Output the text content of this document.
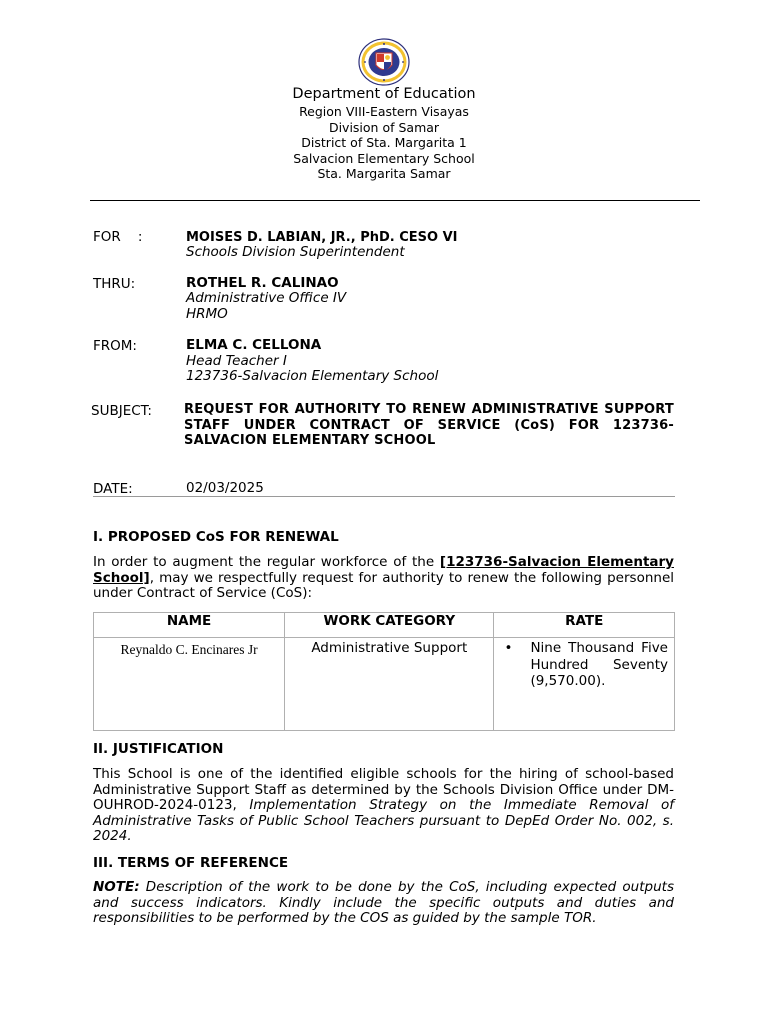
Department of Education
Region VIII-Eastern Visayas
Division of Samar
District of Sta. Margarita 1
Salvacion Elementary School
Sta. Margarita Samar
FOR    :	MOISES D. LABIAN, JR., PhD. CESO VI
Schools Division Superintendent
THRU:	ROTHEL R. CALINAO
Administrative Office IV
HRMO
FROM:	ELMA C. CELLONA
Head Teacher I
123736-Salvacion Elementary School
SUBJECT: REQUEST FOR AUTHORITY TO RENEW ADMINISTRATIVE SUPPORT STAFF UNDER CONTRACT OF SERVICE (CoS) FOR 123736- SALVACION ELEMENTARY SCHOOL
DATE:	02/03/2025
I. PROPOSED CoS FOR RENEWAL
In order to augment the regular workforce of the [123736-Salvacion Elementary School], may we respectfully request for authority to renew the following personnel under Contract of Service (CoS):
NAME	WORK CATEGORY	RATE
Reynaldo C. Encinares Jr	Administrative Support	• Nine Thousand Five Hundred Seventy (9,570.00).
II. JUSTIFICATION
This School is one of the identified eligible schools for the hiring of school-based Administrative Support Staff as determined by the Schools Division Office under DM-OUHROD-2024-0123, Implementation Strategy on the Immediate Removal of Administrative Tasks of Public School Teachers pursuant to DepEd Order No. 002, s. 2024.
III. TERMS OF REFERENCE
NOTE: Description of the work to be done by the CoS, including expected outputs and success indicators. Kindly include the specific outputs and duties and responsibilities to be performed by the COS as guided by the sample TOR.
